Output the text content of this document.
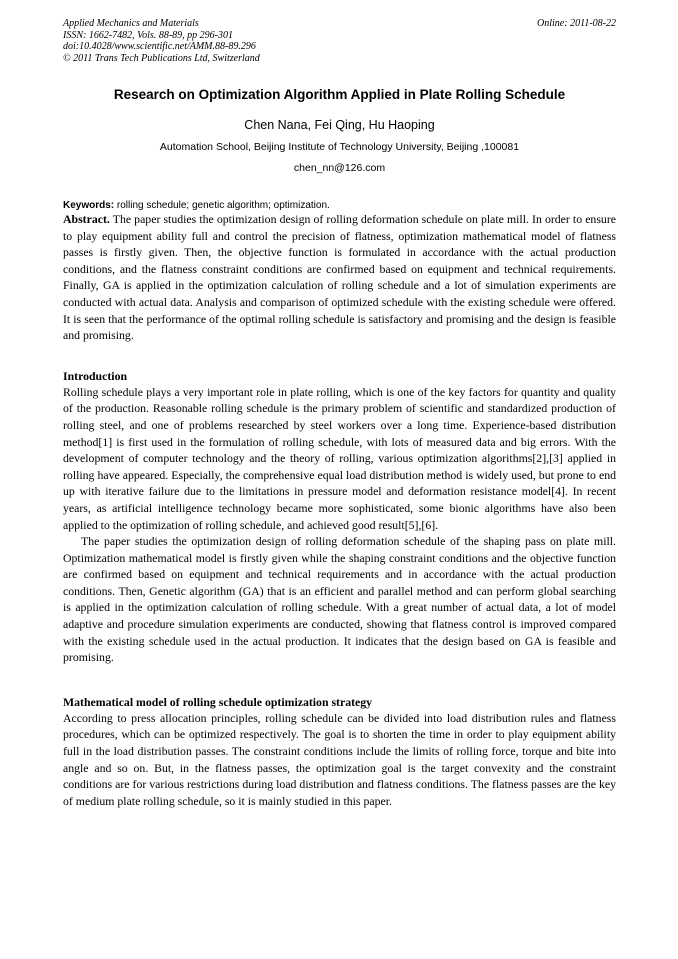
Applied Mechanics and Materials
ISSN: 1662-7482, Vols. 88-89, pp 296-301
doi:10.4028/www.scientific.net/AMM.88-89.296
© 2011 Trans Tech Publications Ltd, Switzerland
Online: 2011-08-22
Research on Optimization Algorithm Applied in Plate Rolling Schedule
Chen Nana, Fei Qing, Hu Haoping
Automation School, Beijing Institute of Technology University, Beijing ,100081
chen_nn@126.com

Keywords: rolling schedule; genetic algorithm; optimization.

Abstract. The paper studies the optimization design of rolling deformation schedule on plate mill. In order to ensure to play equipment ability full and control the precision of flatness, optimization mathematical model of flatness passes is firstly given. Then, the objective function is formulated in accordance with the actual production conditions, and the flatness constraint conditions are confirmed based on equipment and technical requirements. Finally, GA is applied in the optimization calculation of rolling schedule and a lot of simulation experiments are conducted with actual data. Analysis and comparison of optimized schedule with the existing schedule were offered. It is seen that the performance of the optimal rolling schedule is satisfactory and promising and the design is feasible and promising.

Introduction

Rolling schedule plays a very important role in plate rolling, which is one of the key factors for quantity and quality of the production. Reasonable rolling schedule is the primary problem of scientific and standardized production of rolling steel, and one of problems researched by steel workers over a long time. Experience-based distribution method[1] is first used in the formulation of rolling schedule, with lots of measured data and big errors. With the development of computer technology and the theory of rolling, various optimization algorithms[2],[3] applied in rolling have appeared. Especially, the comprehensive equal load distribution method is widely used, but prone to end up with iterative failure due to the limitations in pressure model and deformation resistance model[4]. In recent years, as artificial intelligence technology became more sophisticated, some bionic algorithms have also been applied to the optimization of rolling schedule, and achieved good result[5],[6].

The paper studies the optimization design of rolling deformation schedule of the shaping pass on plate mill. Optimization mathematical model is firstly given while the shaping constraint conditions and the objective function are confirmed based on equipment and technical requirements and in accordance with the actual production conditions. Then, Genetic algorithm (GA) that is an efficient and parallel method and can perform global searching is applied in the optimization calculation of rolling schedule. With a great number of actual data, a lot of model adaptive and procedure simulation experiments are conducted, showing that flatness control is improved compared with the existing schedule used in the actual production. It indicates that the design based on GA is feasible and promising.

Mathematical model of rolling schedule optimization strategy

According to press allocation principles, rolling schedule can be divided into load distribution rules and flatness procedures, which can be optimized respectively. The goal is to shorten the time in order to play equipment ability full in the load distribution passes. The constraint conditions include the limits of rolling force, torque and bite into angle and so on. But, in the flatness passes, the optimization goal is the target convexity and the constraint conditions are for various restrictions during load distribution and flatness conditions. The flatness passes are the key of medium plate rolling schedule, so it is mainly studied in this paper.
